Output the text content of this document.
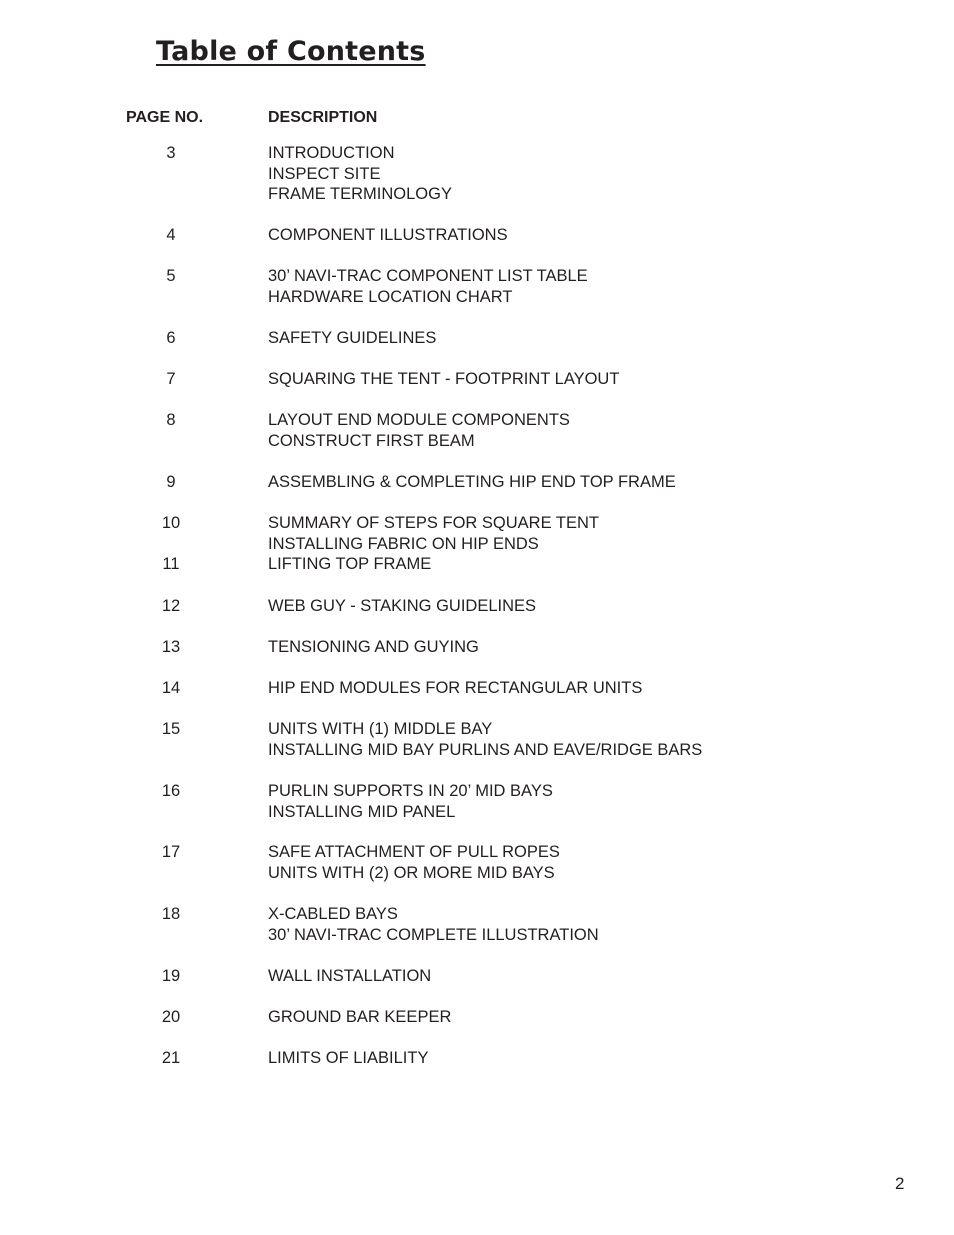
Table of Contents
PAGE NO.	DESCRIPTION
3	INTRODUCTION
INSPECT SITE
FRAME TERMINOLOGY
4	COMPONENT ILLUSTRATIONS
5	30’ NAVI-TRAC COMPONENT LIST TABLE
HARDWARE LOCATION CHART
6	SAFETY GUIDELINES
7	SQUARING THE TENT - FOOTPRINT LAYOUT
8	LAYOUT END MODULE COMPONENTS
CONSTRUCT FIRST BEAM
9	ASSEMBLING & COMPLETING HIP END TOP FRAME
10	SUMMARY OF STEPS FOR SQUARE TENT
INSTALLING FABRIC ON HIP ENDS
11	LIFTING TOP FRAME
12	WEB GUY - STAKING GUIDELINES
13	TENSIONING AND GUYING
14	HIP END MODULES FOR RECTANGULAR UNITS
15	UNITS WITH (1) MIDDLE BAY
INSTALLING MID BAY PURLINS AND EAVE/RIDGE BARS
16	PURLIN SUPPORTS IN 20’ MID BAYS
INSTALLING MID PANEL
17	SAFE ATTACHMENT OF PULL ROPES
UNITS WITH (2) OR MORE MID BAYS
18	X-CABLED BAYS
30’ NAVI-TRAC COMPLETE ILLUSTRATION
19	WALL INSTALLATION
20	GROUND BAR KEEPER
21	LIMITS OF LIABILITY
2
